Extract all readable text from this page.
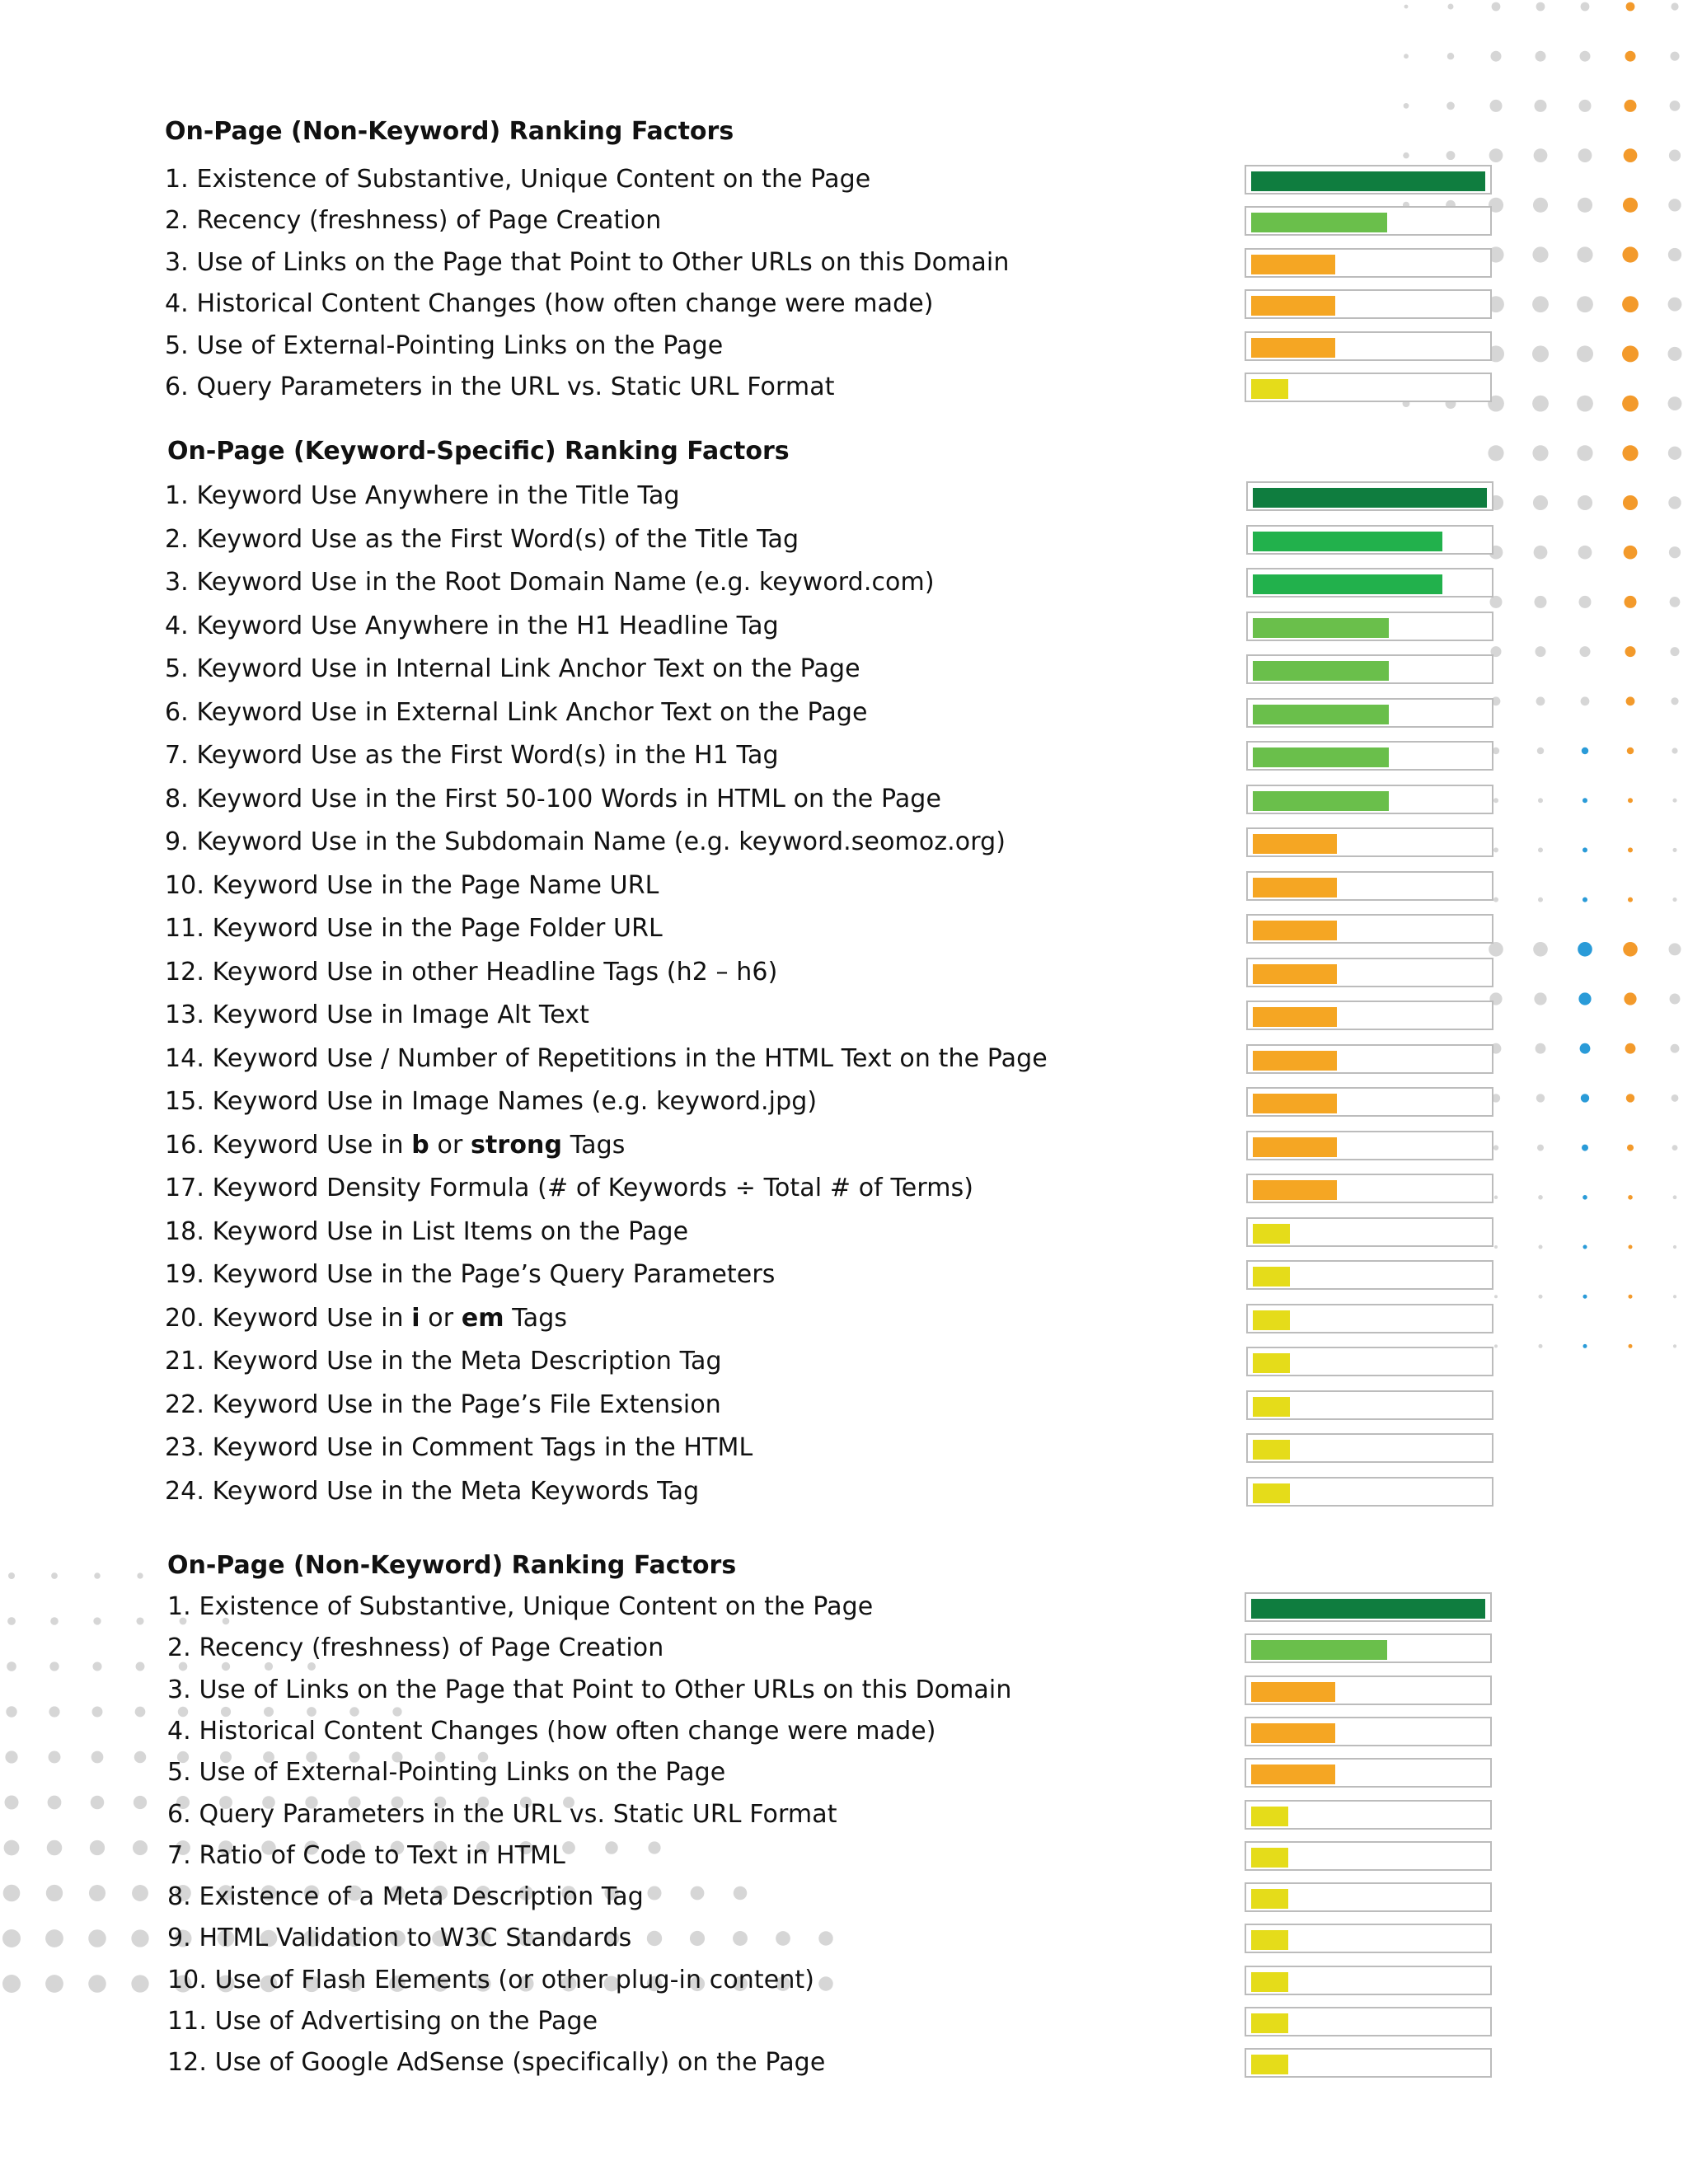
On-Page (Non-Keyword) Ranking Factors
1. Existence of Substantive, Unique Content on the Page
2. Recency (freshness) of Page Creation
3. Use of Links on the Page that Point to Other URLs on this Domain
4. Historical Content Changes (how often change were made)
5. Use of External-Pointing Links on the Page
6. Query Parameters in the URL vs. Static URL Format
On-Page (Keyword-Specific) Ranking Factors
1. Keyword Use Anywhere in the Title Tag
2. Keyword Use as the First Word(s) of the Title Tag
3. Keyword Use in the Root Domain Name (e.g. keyword.com)
4. Keyword Use Anywhere in the H1 Headline Tag
5. Keyword Use in Internal Link Anchor Text on the Page
6. Keyword Use in External Link Anchor Text on the Page
7. Keyword Use as the First Word(s) in the H1 Tag
8. Keyword Use in the First 50-100 Words in HTML on the Page
9. Keyword Use in the Subdomain Name (e.g. keyword.seomoz.org)
10. Keyword Use in the Page Name URL
11. Keyword Use in the Page Folder URL
12. Keyword Use in other Headline Tags (h2 – h6)
13. Keyword Use in Image Alt Text
14. Keyword Use / Number of Repetitions in the HTML Text on the Page
15. Keyword Use in Image Names (e.g. keyword.jpg)
16. Keyword Use in b or strong Tags
17. Keyword Density Formula (# of Keywords ÷ Total # of Terms)
18. Keyword Use in List Items on the Page
19. Keyword Use in the Page’s Query Parameters
20. Keyword Use in i or em Tags
21. Keyword Use in the Meta Description Tag
22. Keyword Use in the Page’s File Extension
23. Keyword Use in Comment Tags in the HTML
24. Keyword Use in the Meta Keywords Tag
On-Page (Non-Keyword) Ranking Factors
1. Existence of Substantive, Unique Content on the Page
2. Recency (freshness) of Page Creation
3. Use of Links on the Page that Point to Other URLs on this Domain
4. Historical Content Changes (how often change were made)
5. Use of External-Pointing Links on the Page
6. Query Parameters in the URL vs. Static URL Format
7. Ratio of Code to Text in HTML
8. Existence of a Meta Description Tag
9. HTML Validation to W3C Standards
10. Use of Flash Elements (or other plug-in content)
11. Use of Advertising on the Page
12. Use of Google AdSense (specifically) on the Page
